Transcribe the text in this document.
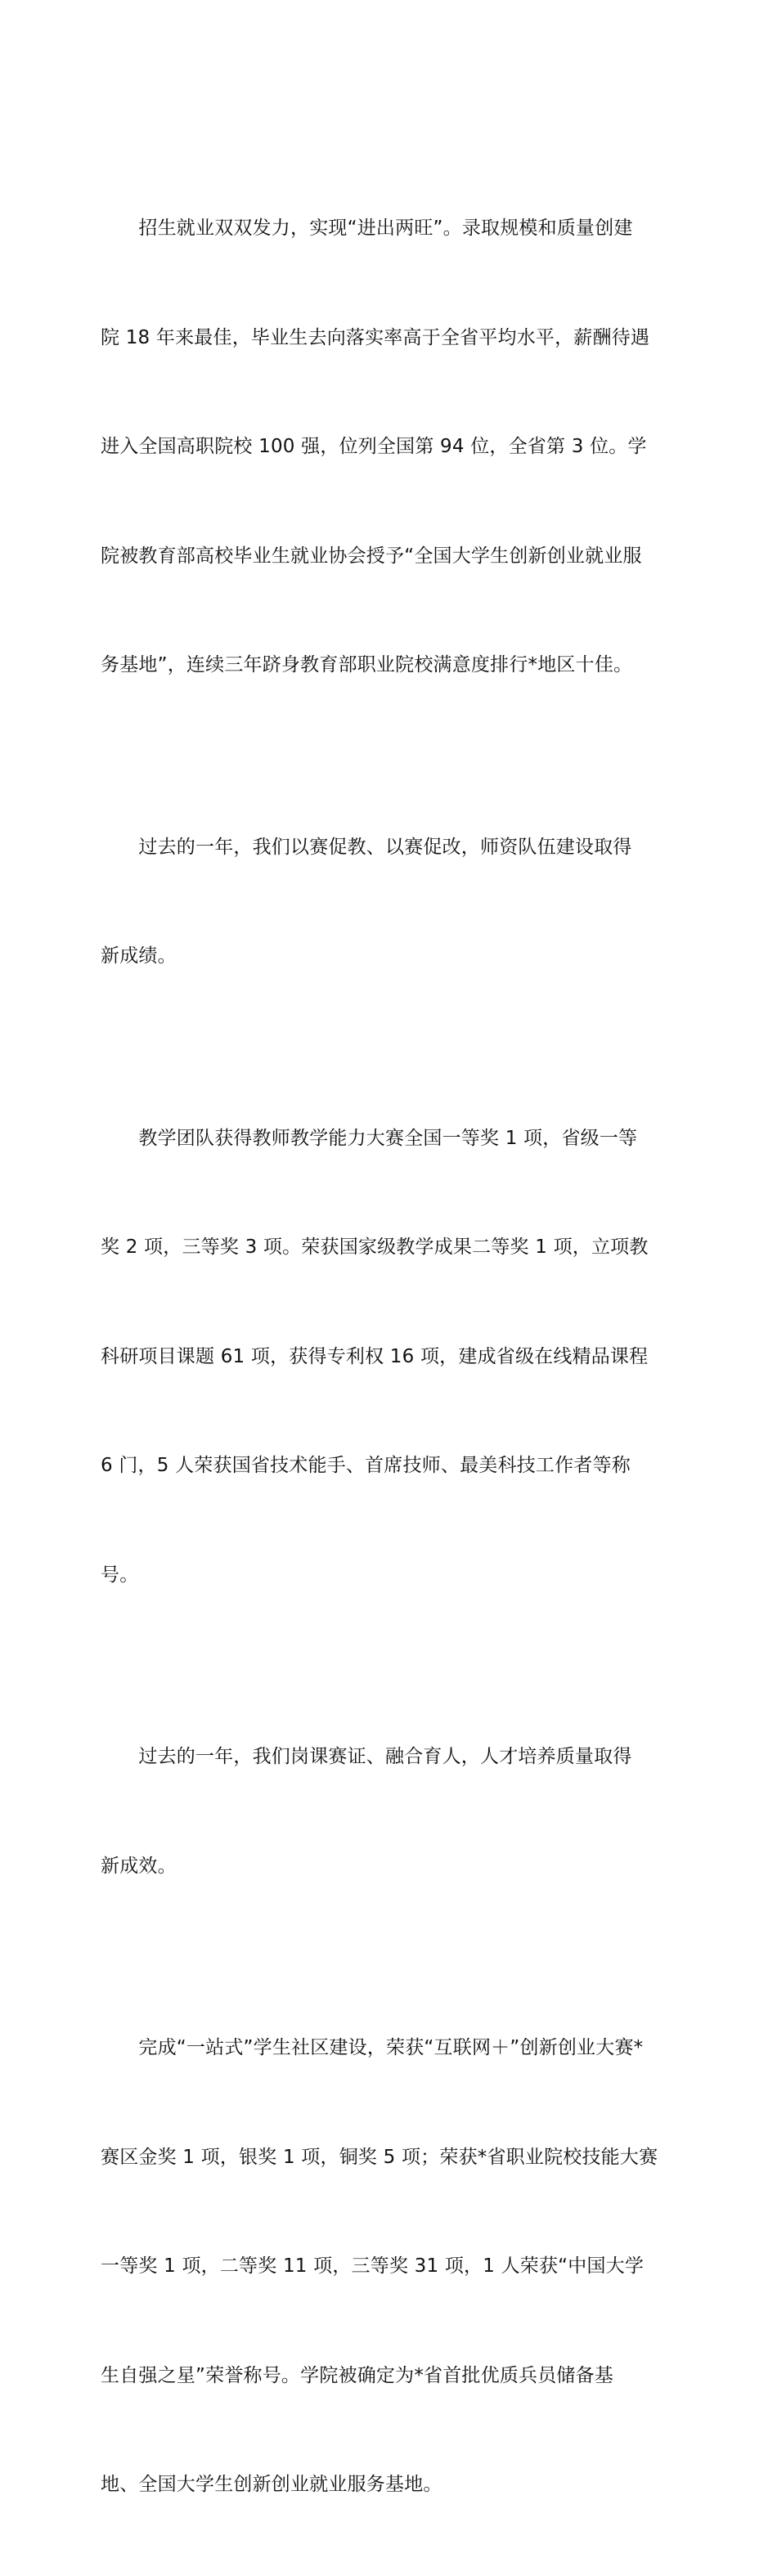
　　招生就业双双发力，实现“进出两旺”。录取规模和质量创建

院 18 年来最佳，毕业生去向落实率高于全省平均水平，薪酬待遇

进入全国高职院校 100 强，位列全国第 94 位，全省第 3 位。学

院被教育部高校毕业生就业协会授予“全国大学生创新创业就业服

务基地”，连续三年跻身教育部职业院校满意度排行*地区十佳。

　　过去的一年，我们以赛促教、以赛促改，师资队伍建设取得

新成绩。

　　教学团队获得教师教学能力大赛全国一等奖 1 项，省级一等

奖 2 项，三等奖 3 项。荣获国家级教学成果二等奖 1 项，立项教

科研项目课题 61 项，获得专利权 16 项，建成省级在线精品课程

6 门，5 人荣获国省技术能手、首席技师、最美科技工作者等称

号。

　　过去的一年，我们岗课赛证、融合育人，人才培养质量取得

新成效。

　　完成“一站式”学生社区建设，荣获“互联网＋”创新创业大赛*

赛区金奖 1 项，银奖 1 项，铜奖 5 项；荣获*省职业院校技能大赛

一等奖 1 项，二等奖 11 项，三等奖 31 项，1 人荣获“中国大学

生自强之星”荣誉称号。学院被确定为*省首批优质兵员储备基

地、全国大学生创新创业就业服务基地。
